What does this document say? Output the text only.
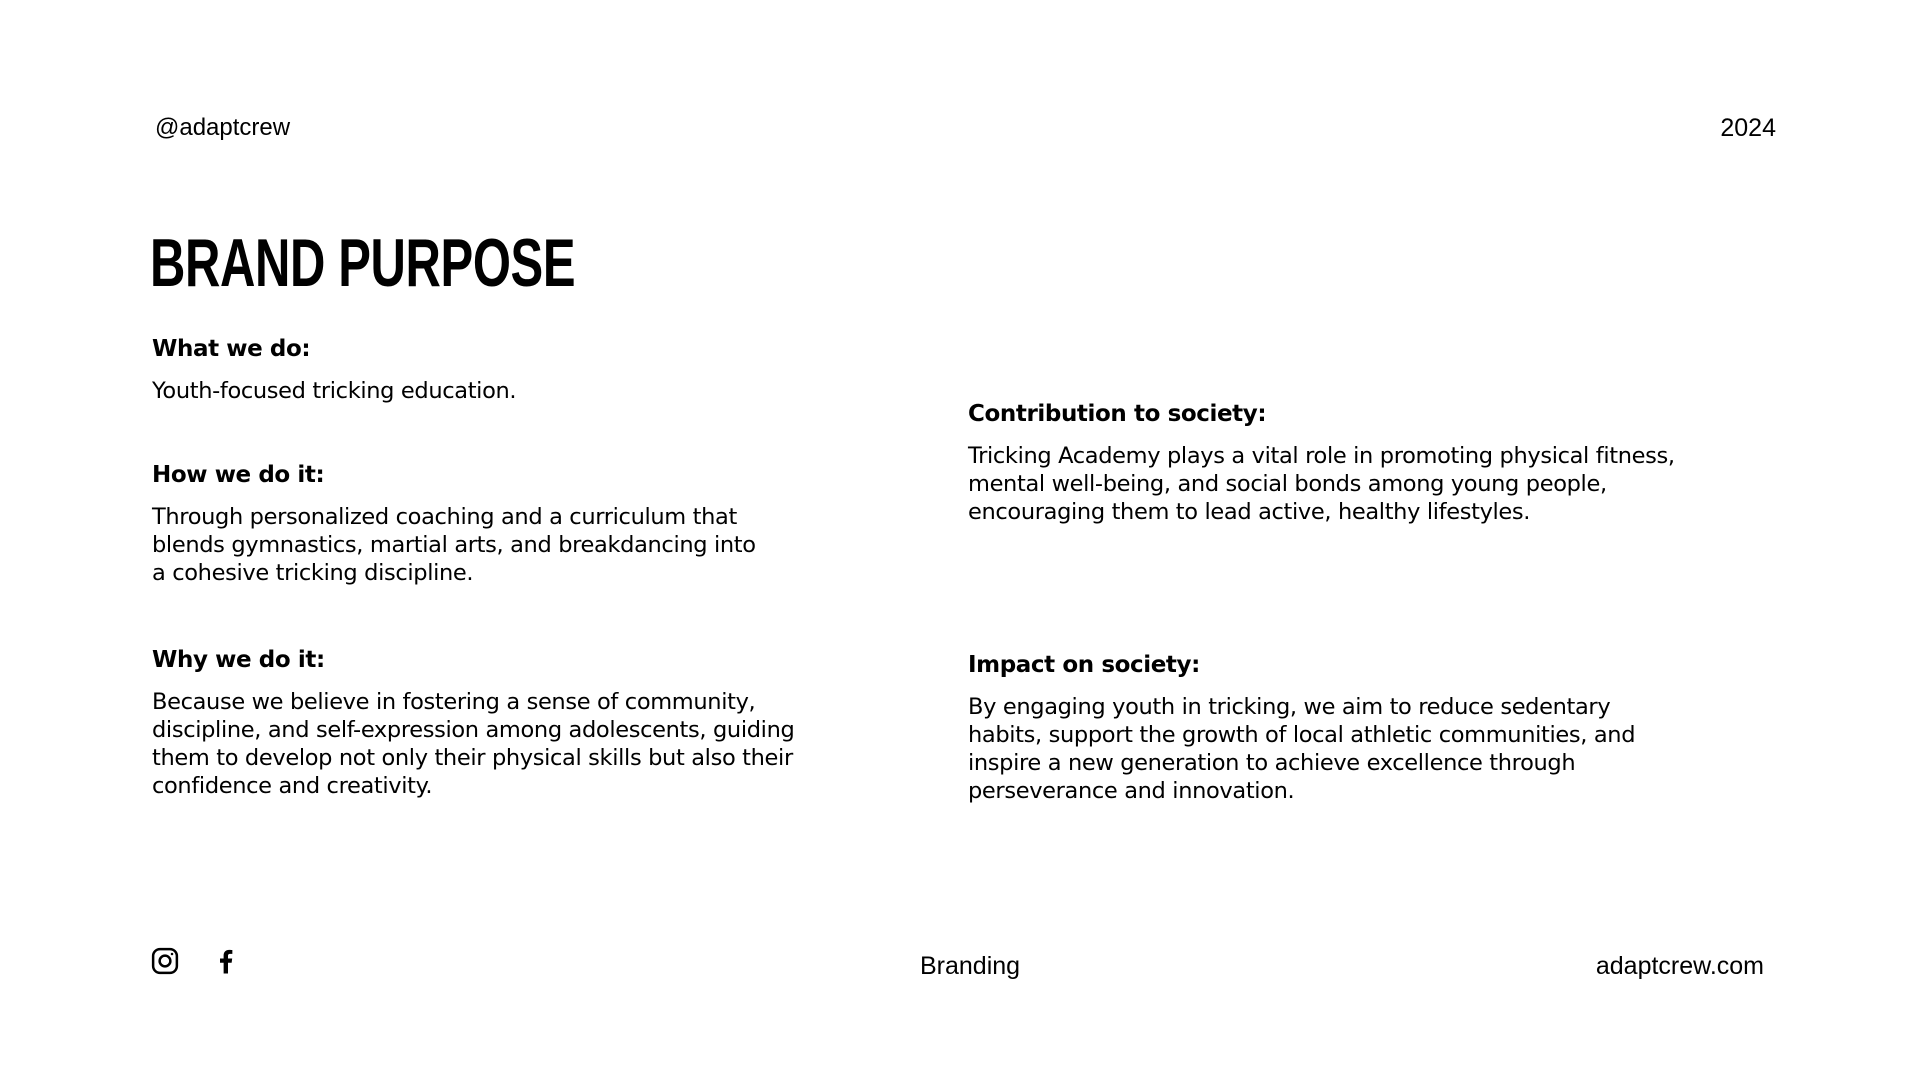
@adaptcrew	2024
BRAND PURPOSE

What we do:

Youth-focused tricking education.

How we do it:

Through personalized coaching and a curriculum that
blends gymnastics, martial arts, and breakdancing into
a cohesive tricking discipline.

Why we do it:

Because we believe in fostering a sense of community,
discipline, and self-expression among adolescents, guiding
them to develop not only their physical skills but also their
confidence and creativity.

Contribution to society:

Tricking Academy plays a vital role in promoting physical fitness,
mental well-being, and social bonds among young people,
encouraging them to lead active, healthy lifestyles.

Impact on society:

By engaging youth in tricking, we aim to reduce sedentary
habits, support the growth of local athletic communities, and
inspire a new generation to achieve excellence through
perseverance and innovation.

Branding	adaptcrew.com
